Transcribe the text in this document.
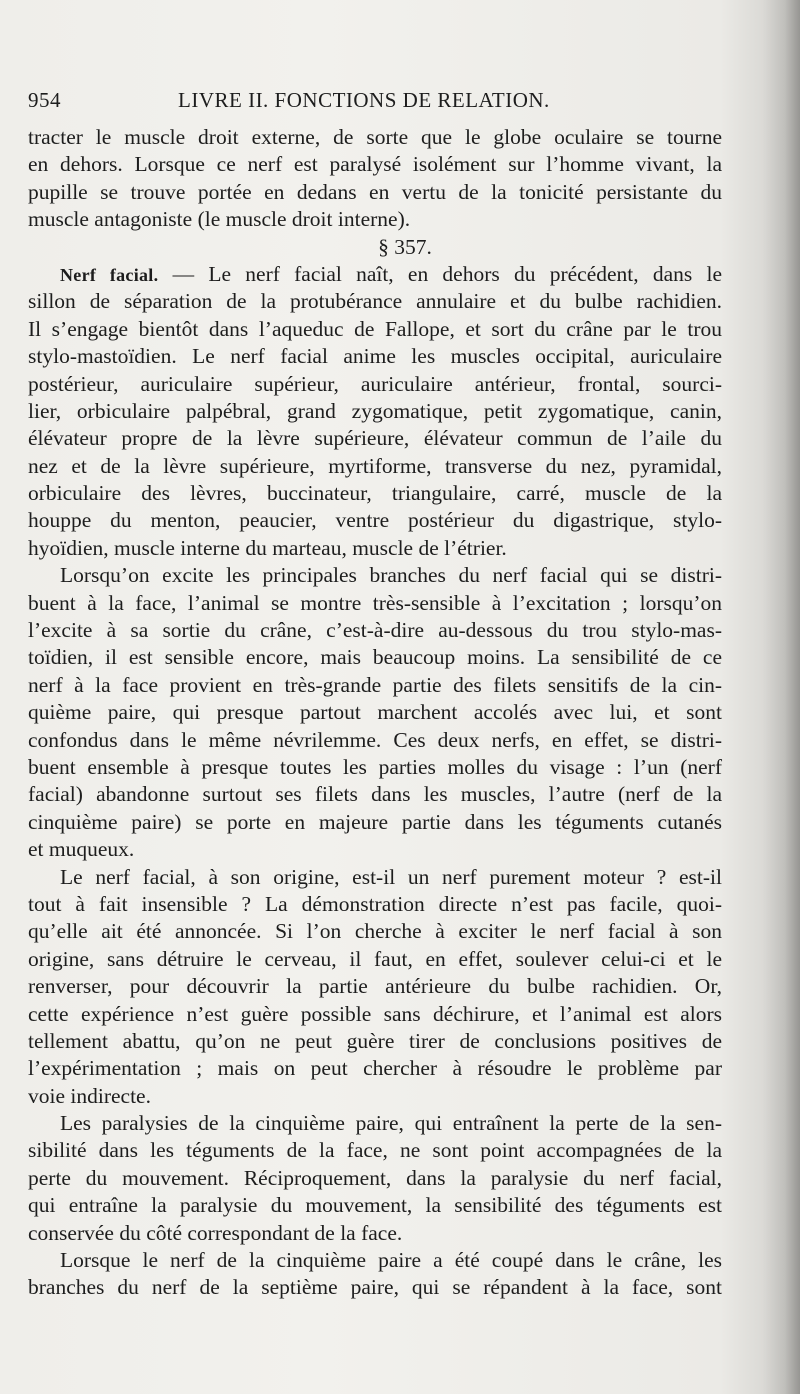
954	LIVRE II. FONCTIONS DE RELATION.
tracter le muscle droit externe, de sorte que le globe oculaire se tourne
en dehors. Lorsque ce nerf est paralysé isolément sur l’homme vivant, la
pupille se trouve portée en dedans en vertu de la tonicité persistante du
muscle antagoniste (le muscle droit interne).
§ 357.
Nerf facial. — Le nerf facial naît, en dehors du précédent, dans le
sillon de séparation de la protubérance annulaire et du bulbe rachidien.
Il s’engage bientôt dans l’aqueduc de Fallope, et sort du crâne par le trou
stylo-mastoïdien. Le nerf facial anime les muscles occipital, auriculaire
postérieur, auriculaire supérieur, auriculaire antérieur, frontal, sourci-
lier, orbiculaire palpébral, grand zygomatique, petit zygomatique, canin,
élévateur propre de la lèvre supérieure, élévateur commun de l’aile du
nez et de la lèvre supérieure, myrtiforme, transverse du nez, pyramidal,
orbiculaire des lèvres, buccinateur, triangulaire, carré, muscle de la
houppe du menton, peaucier, ventre postérieur du digastrique, stylo-
hyoïdien, muscle interne du marteau, muscle de l’étrier.
Lorsqu’on excite les principales branches du nerf facial qui se distri-
buent à la face, l’animal se montre très-sensible à l’excitation ; lorsqu’on
l’excite à sa sortie du crâne, c’est-à-dire au-dessous du trou stylo-mas-
toïdien, il est sensible encore, mais beaucoup moins. La sensibilité de ce
nerf à la face provient en très-grande partie des filets sensitifs de la cin-
quième paire, qui presque partout marchent accolés avec lui, et sont
confondus dans le même névrilemme. Ces deux nerfs, en effet, se distri-
buent ensemble à presque toutes les parties molles du visage : l’un (nerf
facial) abandonne surtout ses filets dans les muscles, l’autre (nerf de la
cinquième paire) se porte en majeure partie dans les téguments cutanés
et muqueux.
Le nerf facial, à son origine, est-il un nerf purement moteur ? est-il
tout à fait insensible ? La démonstration directe n’est pas facile, quoi-
qu’elle ait été annoncée. Si l’on cherche à exciter le nerf facial à son
origine, sans détruire le cerveau, il faut, en effet, soulever celui-ci et le
renverser, pour découvrir la partie antérieure du bulbe rachidien. Or,
cette expérience n’est guère possible sans déchirure, et l’animal est alors
tellement abattu, qu’on ne peut guère tirer de conclusions positives de
l’expérimentation ; mais on peut chercher à résoudre le problème par
voie indirecte.
Les paralysies de la cinquième paire, qui entraînent la perte de la sen-
sibilité dans les téguments de la face, ne sont point accompagnées de la
perte du mouvement. Réciproquement, dans la paralysie du nerf facial,
qui entraîne la paralysie du mouvement, la sensibilité des téguments est
conservée du côté correspondant de la face.
Lorsque le nerf de la cinquième paire a été coupé dans le crâne, les
branches du nerf de la septième paire, qui se répandent à la face, sont
